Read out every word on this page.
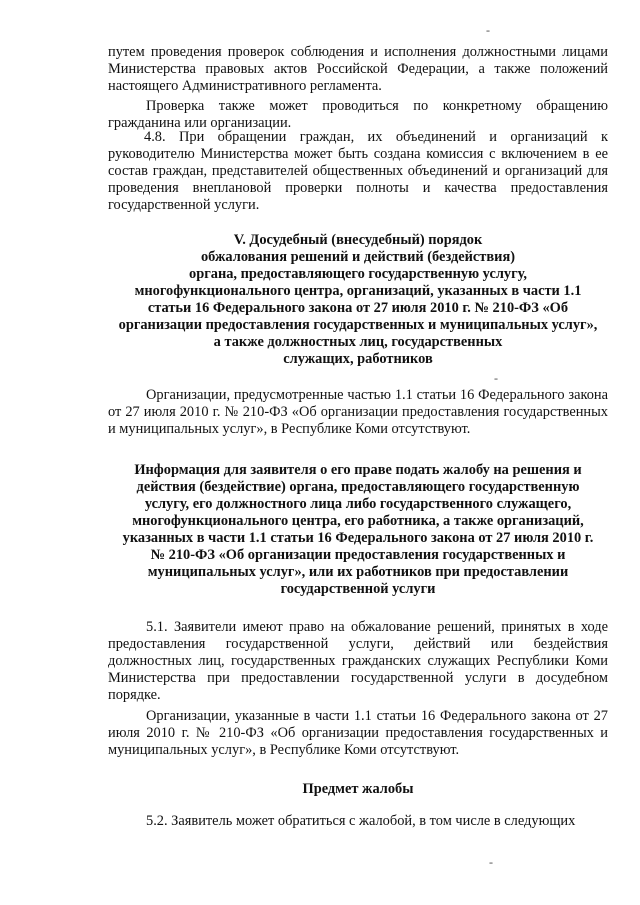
-

путем проведения проверок соблюдения и исполнения должностными лицами Министерства правовых актов Российской Федерации, а также положений настоящего Административного регламента.

Проверка также может проводиться по конкретному обращению гражданина или организации.

4.8. При обращении граждан, их объединений и организаций к руководителю Министерства может быть создана комиссия с включением в ее состав граждан, представителей общественных объединений и организаций для проведения внеплановой проверки полноты и качества предоставления государственной услуги.

V. Досудебный (внесудебный) порядок
обжалования решений и действий (бездействия)
органа, предоставляющего государственную услугу,
многофункционального центра, организаций, указанных в части 1.1
статьи 16 Федерального закона от 27 июля 2010 г. № 210-ФЗ «Об
организации предоставления государственных и муниципальных услуг»,
а также должностных лиц, государственных
служащих, работников
-

Организации, предусмотренные частью 1.1 статьи 16 Федерального закона от 27 июля 2010 г. № 210-ФЗ «Об организации предоставления государственных и муниципальных услуг», в Республике Коми отсутствуют.

Информация для заявителя о его праве подать жалобу на решения и
действия (бездействие) органа, предоставляющего государственную
услугу, его должностного лица либо государственного служащего,
многофункционального центра, его работника, а также организаций,
указанных в части 1.1 статьи 16 Федерального закона от 27 июля 2010 г.
№ 210-ФЗ «Об организации предоставления государственных и
муниципальных услуг», или их работников при предоставлении
государственной услуги

5.1. Заявители имеют право на обжалование решений, принятых в ходе предоставления государственной услуги, действий или бездействия должностных лиц, государственных гражданских служащих Республики Коми Министерства при предоставлении государственной услуги в досудебном порядке.

Организации, указанные в части 1.1 статьи 16 Федерального закона от 27 июля 2010 г. № 210-ФЗ «Об организации предоставления государственных и муниципальных услуг», в Республике Коми отсутствуют.

Предмет жалобы

5.2. Заявитель может обратиться с жалобой, в том числе в следующих

-
